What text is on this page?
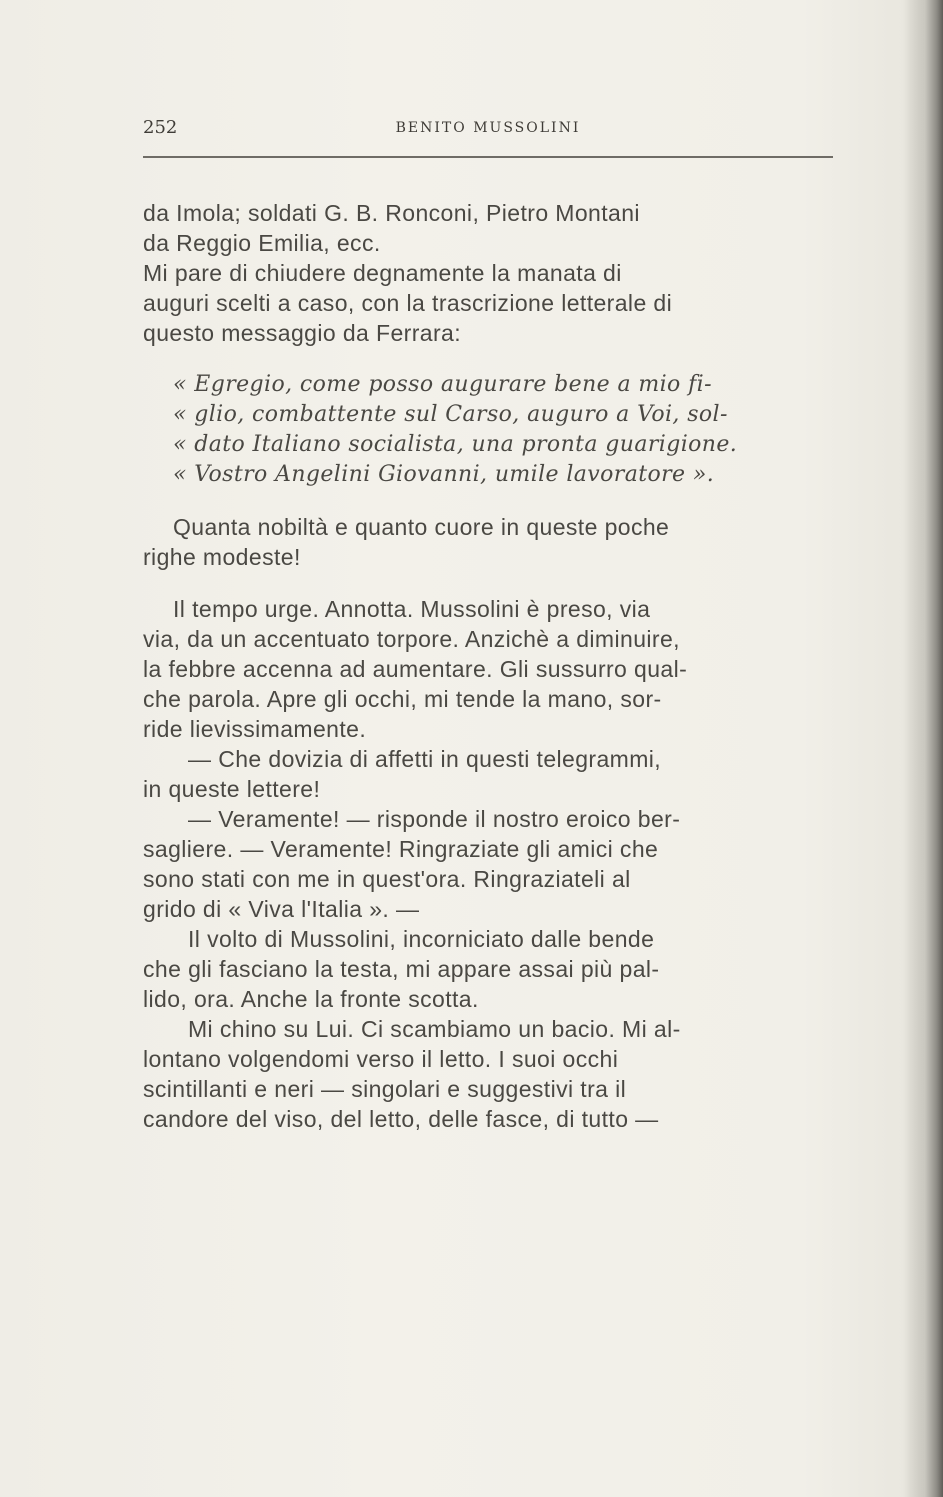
252	BENITO MUSSOLINI
da Imola; soldati G. B. Ronconi, Pietro Montani
da Reggio Emilia, ecc.
Mi pare di chiudere degnamente la manata di
auguri scelti a caso, con la trascrizione letterale di
questo messaggio da Ferrara:
« Egregio, come posso augurare bene a mio fi-
« glio, combattente sul Carso, auguro a Voi, sol-
« dato Italiano socialista, una pronta guarigione.
« Vostro Angelini Giovanni, umile lavoratore ».
Quanta nobiltà e quanto cuore in queste poche
righe modeste!
Il tempo urge. Annotta. Mussolini è preso, via
via, da un accentuato torpore. Anzichè a diminuire,
la febbre accenna ad aumentare. Gli sussurro qual-
che parola. Apre gli occhi, mi tende la mano, sor-
ride lievissimamente.
— Che dovizia di affetti in questi telegrammi,
in queste lettere!
— Veramente! — risponde il nostro eroico ber-
sagliere. — Veramente! Ringraziate gli amici che
sono stati con me in quest'ora. Ringraziateli al
grido di « Viva l'Italia ». —
Il volto di Mussolini, incorniciato dalle bende
che gli fasciano la testa, mi appare assai più pal-
lido, ora. Anche la fronte scotta.
Mi chino su Lui. Ci scambiamo un bacio. Mi al-
lontano volgendomi verso il letto. I suoi occhi
scintillanti e neri — singolari e suggestivi tra il
candore del viso, del letto, delle fasce, di tutto —
